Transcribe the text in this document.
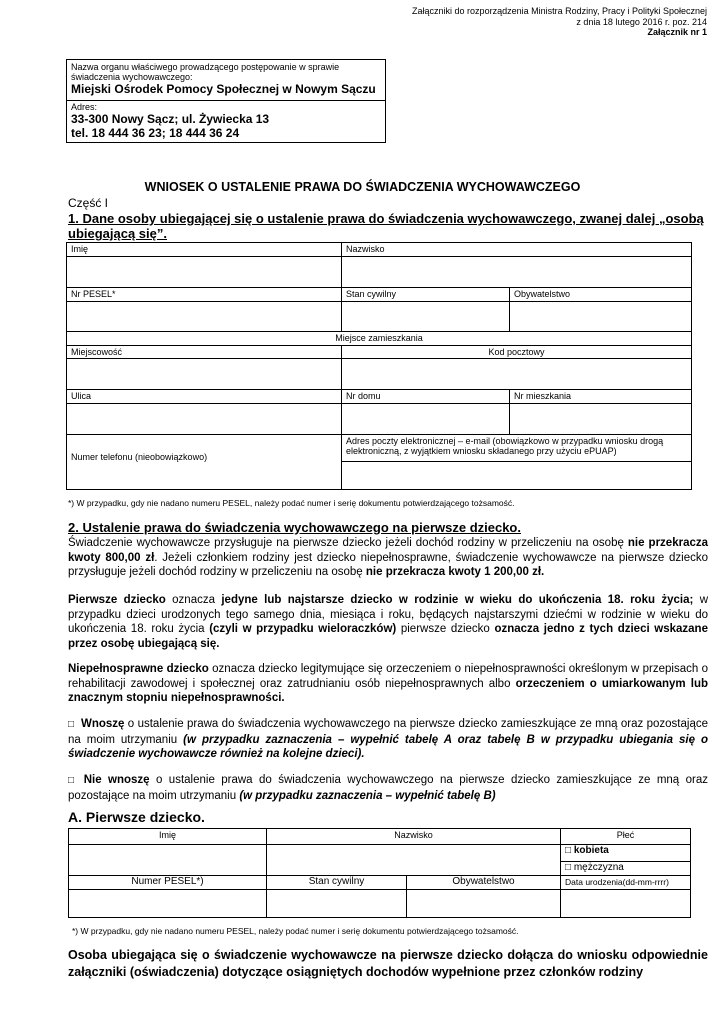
Załączniki do rozporządzenia Ministra Rodziny, Pracy i Polityki Społecznej
z dnia 18 lutego 2016 r. poz. 214
Załącznik nr 1
Nazwa organu właściwego prowadzącego postępowanie w sprawie świadczenia wychowawczego:
Miejski Ośrodek Pomocy Społecznej w Nowym Sączu
Adres:
33-300 Nowy Sącz; ul. Żywiecka 13
tel. 18 444 36 23; 18 444 36 24
WNIOSEK O USTALENIE PRAWA DO ŚWIADCZENIA WYCHOWAWCZEGO
Część I
1. Dane osoby ubiegającej się o ustalenie prawa do świadczenia wychowawczego, zwanej dalej „osobą ubiegającą się”.
Imię	Nazwisko	

Nr PESEL*	Stan cywilny	Obywatelstwo

Miejsce zamieszkania		
Miejscowość	Kod pocztowy	

Ulica	Nr domu	Nr mieszkania

Numer telefonu (nieobowiązkowo)	Adres poczty elektronicznej – e-mail (obowiązkowo w przypadku wniosku drogą elektroniczną, z wyjątkiem wniosku składanego przy użyciu ePUAP)	

*) W przypadku, gdy nie nadano numeru PESEL, należy podać numer i serię dokumentu potwierdzającego tożsamość.
2. Ustalenie prawa do świadczenia wychowawczego na pierwsze dziecko.
Świadczenie wychowawcze przysługuje na pierwsze dziecko jeżeli dochód rodziny w przeliczeniu na osobę nie przekracza kwoty 800,00 zł. Jeżeli członkiem rodziny jest dziecko niepełnosprawne, świadczenie wychowawcze na pierwsze dziecko przysługuje jeżeli dochód rodziny w przeliczeniu na osobę nie przekracza kwoty 1 200,00 zł.
Pierwsze dziecko oznacza jedyne lub najstarsze dziecko w rodzinie w wieku do ukończenia 18. roku życia; w przypadku dzieci urodzonych tego samego dnia, miesiąca i roku, będących najstarszymi dziećmi w rodzinie w wieku do ukończenia 18. roku życia (czyli w przypadku wieloraczków) pierwsze dziecko oznacza jedno z tych dzieci wskazane przez osobę ubiegającą się.
Niepełnosprawne dziecko oznacza dziecko legitymujące się orzeczeniem o niepełnosprawności określonym w przepisach o rehabilitacji zawodowej i społecznej oraz zatrudnianiu osób niepełnosprawnych albo orzeczeniem o umiarkowanym lub znacznym stopniu niepełnosprawności.
□ Wnoszę o ustalenie prawa do świadczenia wychowawczego na pierwsze dziecko zamieszkujące ze mną oraz pozostające na moim utrzymaniu (w przypadku zaznaczenia – wypełnić tabelę A oraz tabelę B w przypadku ubiegania się o świadczenie wychowawcze również na kolejne dzieci).
□ Nie wnoszę o ustalenie prawa do świadczenia wychowawczego na pierwsze dziecko zamieszkujące ze mną oraz pozostające na moim utrzymaniu (w przypadku zaznaczenia – wypełnić tabelę B)
A. Pierwsze dziecko.
Imię	Nazwisko		Płeć
			□ kobieta
			□ mężczyzna
Numer PESEL*)	Stan cywilny	Obywatelstwo	Data urodzenia(dd-mm-rrrr)

*) W przypadku, gdy nie nadano numeru PESEL, należy podać numer i serię dokumentu potwierdzającego tożsamość.
Osoba ubiegająca się o świadczenie wychowawcze na pierwsze dziecko dołącza do wniosku odpowiednie załączniki (oświadczenia) dotyczące osiągniętych dochodów wypełnione przez członków rodziny
